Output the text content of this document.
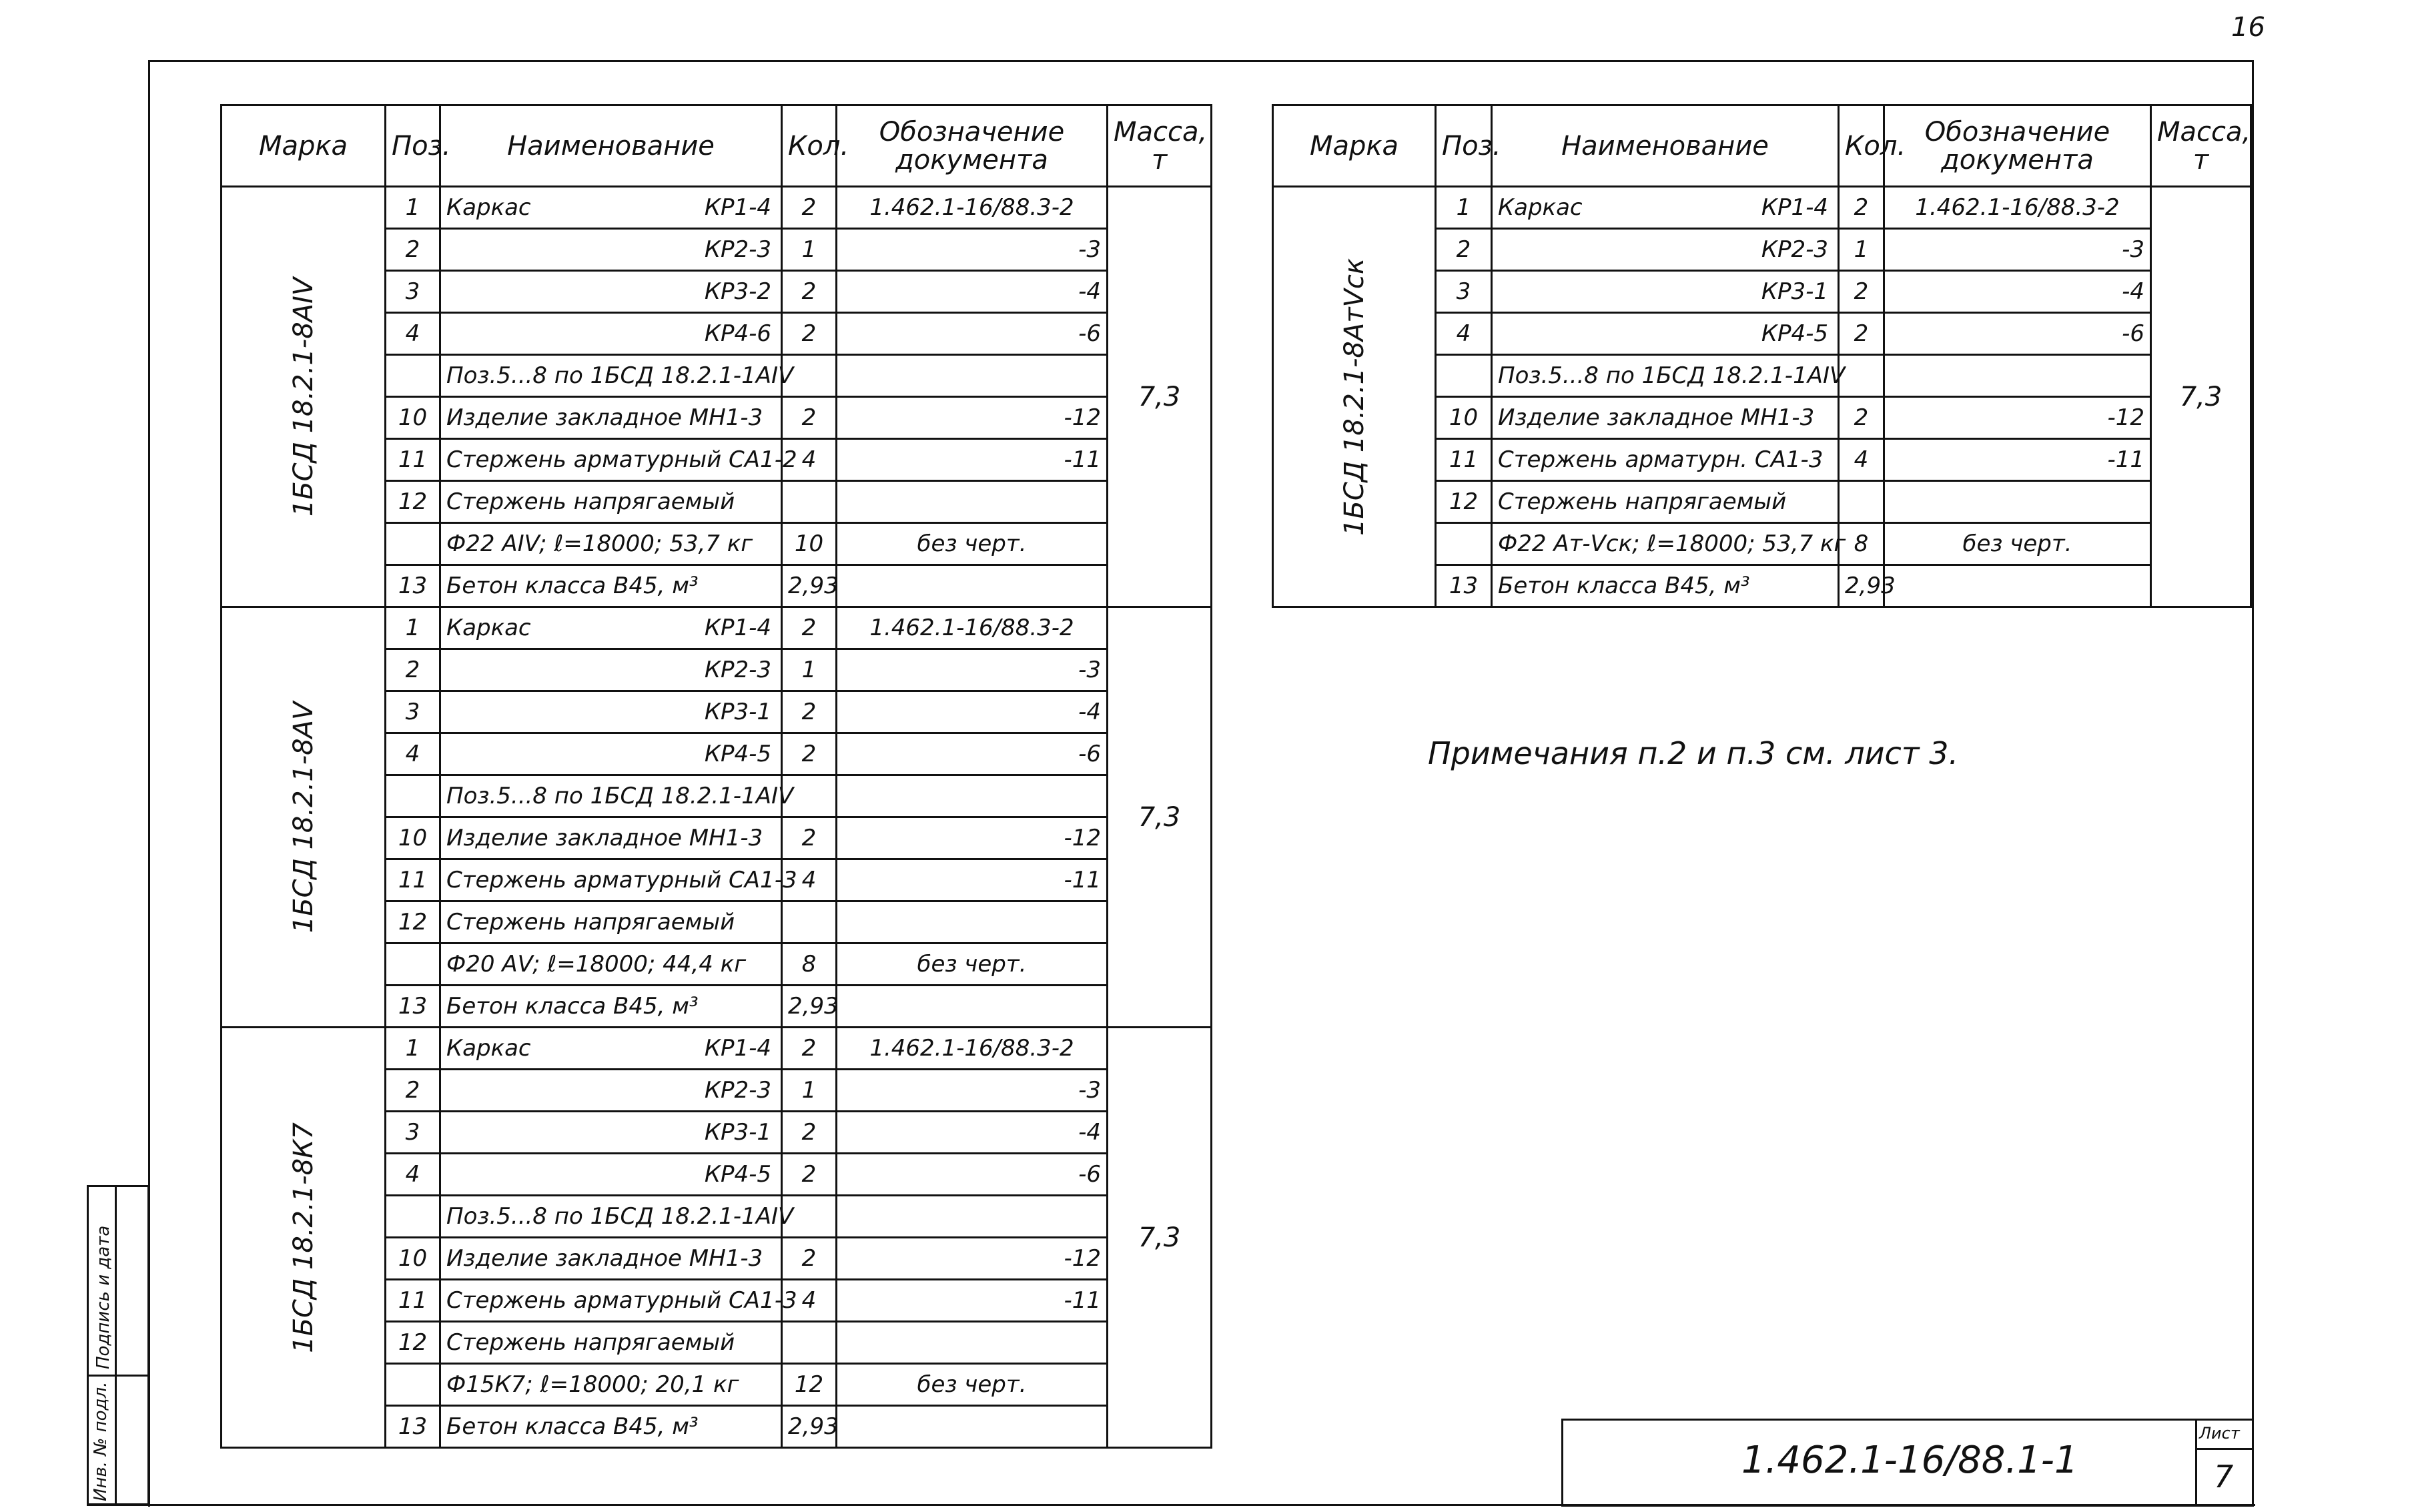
16
Инв. № подл.
Подпись и дата
Марка	Поз.	Наименование	Кол.	Обозначение документа	Масса, т

1БСД 18.2.1-8АIV	1	Каркас КР1-4	2	1.462.1-16/88.3-2	7,3
	2	КР2-3	1	-3	
	3	КР3-2	2	-4	
	4	КР4-6	2	-6	
		Поз.5...8 по 1БСД 18.2.1-1АIV	

	10	Изделие закладное МН1-3	2	-12	
	11	Стержень арматурный СА1-2	4	-11	
	12	Стержень напрягаемый	

		Ф22 АIV; ℓ=18000; 53,7 кг	10	без черт.	
	13	Бетон класса В45, м³	2,93		

1БСД 18.2.1-8АV	1	Каркас КР1-4	2	1.462.1-16/88.3-2	7,3
	2	КР2-3	1	-3	
	3	КР3-1	2	-4	
	4	КР4-5	2	-6	
		Поз.5...8 по 1БСД 18.2.1-1АIV	

	10	Изделие закладное МН1-3	2	-12	
	11	Стержень арматурный СА1-3	4	-11	
	12	Стержень напрягаемый	

		Ф20 АV; ℓ=18000; 44,4 кг	8	без черт.	
	13	Бетон класса В45, м³	2,93		

1БСД 18.2.1-8К7	1	Каркас КР1-4	2	1.462.1-16/88.3-2	7,3
	2	КР2-3	1	-3	
	3	КР3-1	2	-4	
	4	КР4-5	2	-6	
		Поз.5...8 по 1БСД 18.2.1-1АIV	

	10	Изделие закладное МН1-3	2	-12	
	11	Стержень арматурный СА1-3	4	-11	
	12	Стержень напрягаемый	

		Ф15К7; ℓ=18000; 20,1 кг	12	без черт.	
	13	Бетон класса В45, м³	2,93		
Марка	Поз.	Наименование	Кол.	Обозначение документа	Масса, т

1БСД 18.2.1-8АтVск	1	Каркас КР1-4	2	1.462.1-16/88.3-2	7,3
	2	КР2-3	1	-3	
	3	КР3-1	2	-4	
	4	КР4-5	2	-6	
		Поз.5...8 по 1БСД 18.2.1-1АIV	

	10	Изделие закладное МН1-3	2	-12	
	11	Стержень арматурн. СА1-3	4	-11	
	12	Стержень напрягаемый	

		Ф22 Ат-Vск; ℓ=18000; 53,7 кг	8	без черт.	
	13	Бетон класса В45, м³	2,93		
Примечания п.2 и п.3 см. лист 3.
1.462.1-16/88.1-1
Лист
7
